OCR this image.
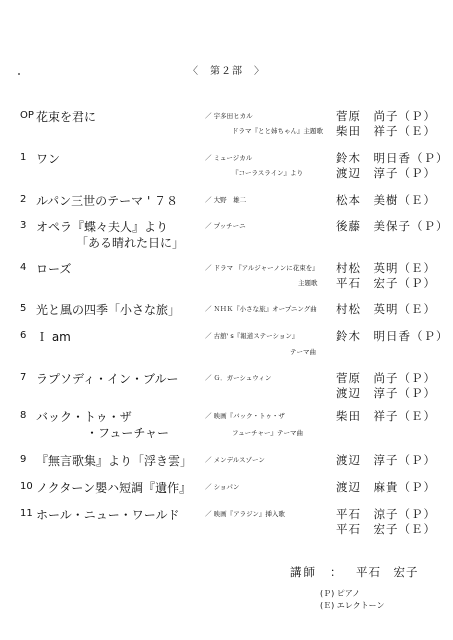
〈　第２部　〉
OP 花束を君に	／ 宇多田ヒカル
ドラマ『とと姉ちゃん』主題歌
菅原　尚子（Ｐ）
柴田　祥子（Ｅ）
1 ワン	／ ミュージカル
『コーラスライン』より
鈴木　明日香（Ｐ）
渡辺　淳子（Ｐ）
2 ルパン三世のテーマ ' ７８	／ 大野　雄二	松本　美樹（Ｅ）
3 オペラ『蝶々夫人』より
「ある晴れた日に」
／ プッチーニ	後藤　美保子（Ｐ）
4 ローズ	／ ドラマ 『アルジャーノンに花束を』
主題歌
村松　英明（Ｅ）
平石　宏子（Ｐ）
5 光と風の四季「小さな旅」	／ ＮＨＫ『小さな旅』オープニング曲 村松　英明（Ｅ）
6 Ｉ am	／ 古舘' s『報道ステーション』
テーマ曲
鈴木　明日香（Ｐ）
7 ラプソディ・イン・ブルー	／ Ｇ．ガーシュウィン	菅原　尚子（Ｐ）
渡辺　淳子（Ｐ）
8 バック・トゥ・ザ
・フューチャー
／ 映画『バック・トゥ・ザ
フューチャー』テーマ曲
柴田　祥子（Ｅ）
9 『無言歌集』より「浮き雲」 ／ メンデルスゾーン	渡辺　淳子（Ｐ）
10 ノクターン嬰ハ短調『遺作』 ／ ショパン	渡辺　麻貴（Ｐ）
11 ホール・ニュー・ワールド	／ 映画『アラジン』挿入歌	平石　涼子（Ｐ）
平石　宏子（Ｅ）
講師 ： 平石　宏子
(Ｐ) ピアノ
(Ｅ) エレクトーン
